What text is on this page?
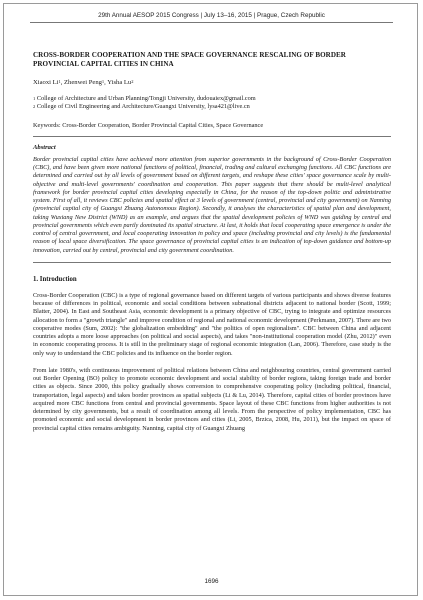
29th Annual AESOP 2015 Congress | July 13–16, 2015 | Prague, Czech Republic
CROSS-BORDER COOPERATION AND THE SPACE GOVERNANCE RESCALING OF BORDER PROVINCIAL CAPITAL CITIES IN CHINA
Xiaoxi Li$^1$, Zhenwei Peng$^1$, Yisha Lu$^2$
1
College of Architecture and Urban Planning/Tongji University, dudouaiex@gmail.com
2
College of Civil Engineering and Architecture/Guangxi University, lysa421@live.cn
Keywords: Cross-Border Cooperation, Border Provincial Capital Cities, Space Governance
Abstract
Border provincial capital cities have achieved more attention from superior governments in the background of Cross-Border Cooperation (CBC), and have been given more national functions of political, financial, trading and cultural exchanging functions. All CBC functions are determined and carried out by all levels of government based on different targets, and reshape these cities' space governance scale by multi-objective and multi-level governments' coordination and cooperation. This paper suggests that there should be multi-level analytical framework for border provincial capital cities developing especially in China, for the reason of the top-down politic and administrative system. First of all, it reviews CBC policies and spatial effect at 3 levels of government (central, provincial and city government) on Nanning (provincial capital city of Guangxi Zhuang Autonomous Region). Secondly, it analyses the characteristics of spatial plan and development, taking Wuxiang New District (WND) as an example, and argues that the spatial development policies of WND was guiding by central and provincial governments which even partly dominated its spatial structure. At last, it holds that local cooperating space emergence is under the control of central government, and local cooperating innovation in policy and space (including provincial and city levels) is the fundamental reason of local space diversification. The space governance of provincial capital cities is an indication of top-down guidance and bottom-up innovation, carried out by central, provincial and city government coordination.
1. Introduction
Cross-Border Cooperation (CBC) is a type of regional governance based on different targets of various participants and shows diverse features because of differences in political, economic and social conditions between subnational districts adjacent to national border (Scott, 1999; Blatter, 2004). In East and Southeast Asia, economic development is a primary objective of CBC, trying to integrate and optimize resources allocation to form a "growth triangle" and improve condition of regional and national economic development (Perkmann, 2007). There are two cooperative modes (Sum, 2002): "the globalization embedding" and "the politics of open regionalism". CBC between China and adjacent countries adopts a more loose approaches (on political and social aspects), and takes "non-institutional cooperation model (Zhu, 2012)" even in economic cooperating process. It is still in the preliminary stage of regional economic integration (Lan, 2006). Therefore, case study is the only way to understand the CBC policies and its influence on the border region.
From late 1980's, with continuous improvement of political relations between China and neighbouring countries, central government carried out Border Opening (BO) policy to promote economic development and social stability of border regions, taking foreign trade and border cities as objects. Since 2000, this policy gradually shows conversion to comprehensive cooperating policy (including political, financial, transportation, legal aspects) and takes border provinces as spatial subjects (Li & Lu, 2014). Therefore, capital cities of border provinces have acquired more CBC functions from central and provincial governments. Space layout of these CBC functions from higher authorities is not determined by city governments, but a result of coordination among all levels. From the perspective of policy implementation, CBC has promoted economic and social development in border provinces and cities (Li, 2005, Brzica, 2008, Hu, 2011), but the impact on space of provincial capital cities remains ambiguity. Nanning, capital city of Guangxi Zhuang
1696
